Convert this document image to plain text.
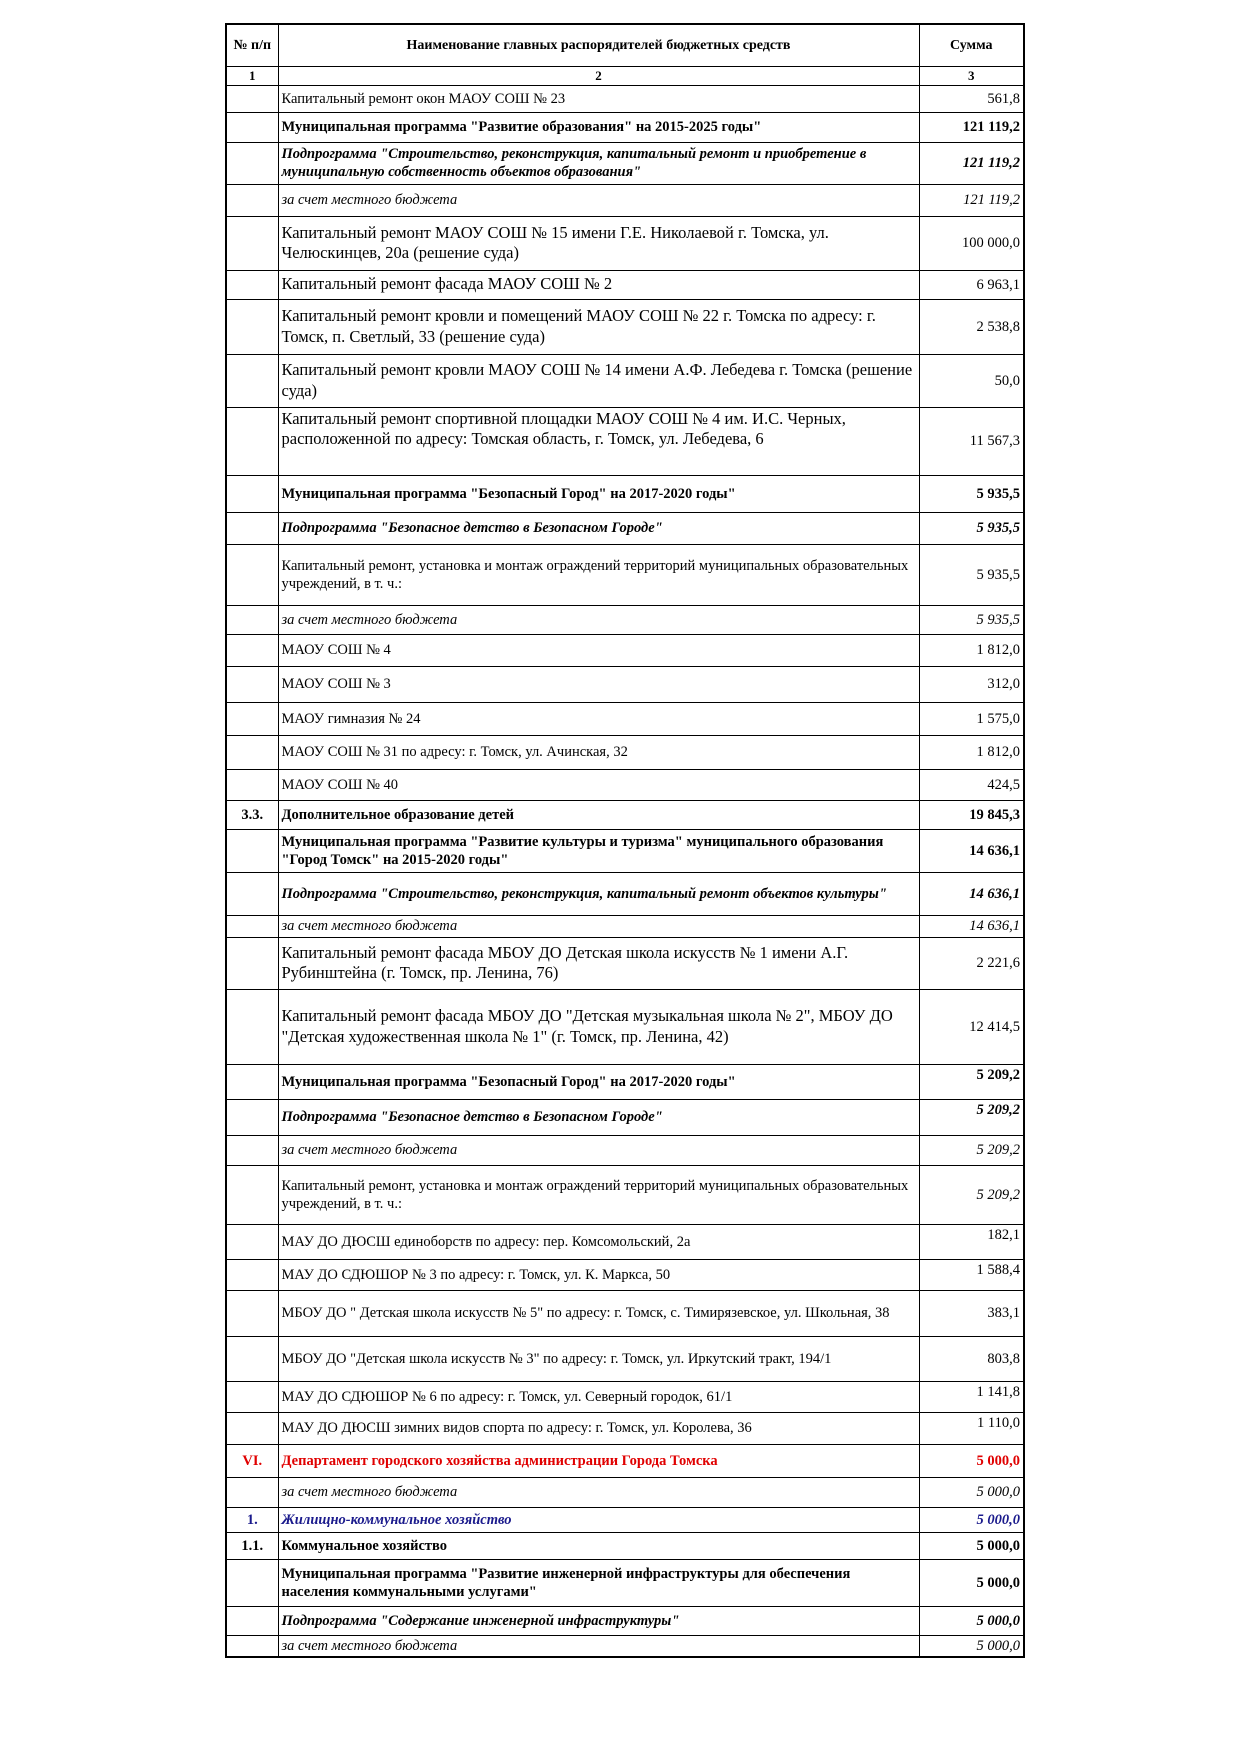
№ п/п	Наименование главных распорядителей бюджетных средств	Сумма
1	2	3
	Капитальный ремонт окон МАОУ СОШ № 23	561,8
	Муниципальная программа "Развитие образования" на 2015-2025 годы"	121 119,2
	Подпрограмма "Строительство, реконструкция, капитальный ремонт и приобретение в муниципальную собственность объектов образования"	121 119,2
	за счет местного бюджета	121 119,2
	Капитальный ремонт МАОУ СОШ № 15 имени Г.Е. Николаевой г. Томска, ул. Челюскинцев, 20а (решение суда)	100 000,0
	Капитальный ремонт фасада МАОУ СОШ № 2	6 963,1
	Капитальный ремонт кровли и помещений МАОУ СОШ № 22 г. Томска по адресу: г. Томск, п. Светлый, 33 (решение суда)	2 538,8
	Капитальный ремонт кровли МАОУ СОШ № 14 имени А.Ф. Лебедева г. Томска (решение суда)	50,0
	Капитальный ремонт спортивной площадки МАОУ СОШ № 4 им. И.С. Черных, расположенной по адресу: Томская область, г. Томск, ул. Лебедева, 6	11 567,3
	Муниципальная программа "Безопасный Город" на 2017-2020 годы"	5 935,5
	Подпрограмма "Безопасное детство в Безопасном Городе"	5 935,5
	Капитальный ремонт, установка и монтаж ограждений территорий муниципальных образовательных учреждений, в т. ч.:	5 935,5
	за счет местного бюджета	5 935,5
	МАОУ СОШ № 4	1 812,0
	МАОУ СОШ № 3	312,0
	МАОУ гимназия № 24	1 575,0
	МАОУ СОШ № 31 по адресу: г. Томск, ул. Ачинская, 32	1 812,0
	МАОУ СОШ № 40	424,5
3.3.	Дополнительное образование детей	19 845,3
	Муниципальная программа "Развитие культуры и туризма" муниципального образования "Город Томск" на 2015-2020 годы"	14 636,1
	Подпрограмма "Строительство, реконструкция, капитальный ремонт объектов культуры"	14 636,1
	за счет местного бюджета	14 636,1
	Капитальный ремонт фасада МБОУ ДО Детская школа искусств № 1 имени А.Г. Рубинштейна (г. Томск, пр. Ленина, 76)	2 221,6
	Капитальный ремонт фасада МБОУ ДО "Детская музыкальная школа № 2", МБОУ ДО "Детская художественная школа № 1" (г. Томск, пр. Ленина, 42)	12 414,5
	Муниципальная программа "Безопасный Город" на 2017-2020 годы"	5 209,2
	Подпрограмма "Безопасное детство в Безопасном Городе"	5 209,2
	за счет местного бюджета	5 209,2
	Капитальный ремонт, установка и монтаж ограждений территорий муниципальных образовательных учреждений, в т. ч.:	5 209,2
	МАУ ДО ДЮСШ единоборств по адресу: пер. Комсомольский, 2а	182,1
	МАУ ДО СДЮШОР № 3 по адресу: г. Томск, ул. К. Маркса, 50	1 588,4
	МБОУ ДО " Детская школа искусств № 5" по адресу: г. Томск, с. Тимирязевское, ул. Школьная, 38	383,1
	МБОУ ДО "Детская школа искусств № 3" по адресу: г. Томск, ул. Иркутский тракт, 194/1	803,8
	МАУ ДО СДЮШОР № 6 по адресу: г. Томск, ул. Северный городок, 61/1	1 141,8
	МАУ ДО ДЮСШ зимних видов спорта по адресу: г. Томск, ул. Королева, 36	1 110,0
VI.	Департамент городского хозяйства администрации Города Томска	5 000,0
	за счет местного бюджета	5 000,0
1.	Жилищно-коммунальное хозяйство	5 000,0
1.1.	Коммунальное хозяйство	5 000,0
	Муниципальная программа "Развитие инженерной инфраструктуры для обеспечения населения коммунальными услугами"	5 000,0
	Подпрограмма "Содержание инженерной инфраструктуры"	5 000,0
	за счет местного бюджета	5 000,0
